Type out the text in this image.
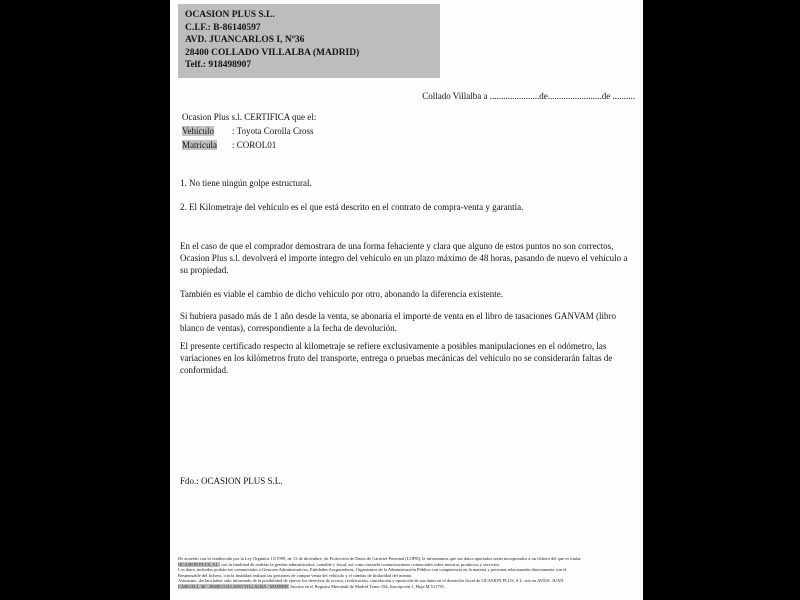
OCASION PLUS S.L.
C.I.F.: B-86140597
AVD. JUANCARLOS I, Nº36
28400 COLLADO VILLALBA (MADRID)
Telf.: 918498907
Collado Villalba a ......................de........................de ..........
Ocasion Plus s.l. CERTIFICA que el:
Vehículo : Toyota Corolla Cross
Matrícula : COROL01
1. No tiene ningún golpe estructural.
2. El Kilometraje del vehículo es el que está descrito en el contrato de compra-venta y garantía.
En el caso de que el comprador demostrara de una forma fehaciente y clara que alguno de estos puntos no son correctos, Ocasion Plus s.l. devolverá el importe íntegro del vehículo en un plazo máximo de 48 horas, pasando de nuevo el vehículo a su propiedad.
También es viable el cambio de dicho vehículo por otro, abonando la diferencia existente.
Si hubiera pasado más de 1 año desde la venta, se abonaría el importe de venta en el libro de tasaciones GANVAM (libro blanco de ventas), correspondiente a la fecha de devolución.
El presente certificado respecto al kilometraje se refiere exclusivamente a posibles manipulaciones en el odómetro, las variaciones en los kilómetros fruto del transporte, entrega o pruebas mecánicas del vehículo no se considerarán faltas de conformidad.
Fdo.: OCASION PLUS S.L.
De acuerdo con lo establecido por la Ley Orgánica 15/1999, de 13 de diciembre, de Protección de Datos de Carácter Personal (LOPD), le informamos que sus datos aportados serán incorporados a un fichero del que es titular
OCASION PLUS, S.L. con la finalidad de realizar la gestión administrativa, contable y fiscal, así como enviarle comunicaciones comerciales sobre nuestros productos y servicios.
Los datos incluidos podrán ser comunicados a Gestores Administrativos, Entidades Aseguradoras, Organismos de la Administración Pública con competencia en la materia y personas relacionadas directamente con el
Responsable del fichero, con la finalidad realizar las gestiones de compra venta del vehículo y el cambio de titularidad del mismo.
Asimismo, declara haber sido informado de la posibilidad de ejercer los derechos de acceso, rectificación, cancelación y oposición de sus datos en el domicilio fiscal de OCASION PLUS, S.L. sito en AVDA. JUAN
CARLOS I, 36 - 28400 COLLADO VILLALBA - MADRID. Inscrita en el Registro Mercantil de Madrid Tomo 194, Inscripción 1, Hoja M 511791.
